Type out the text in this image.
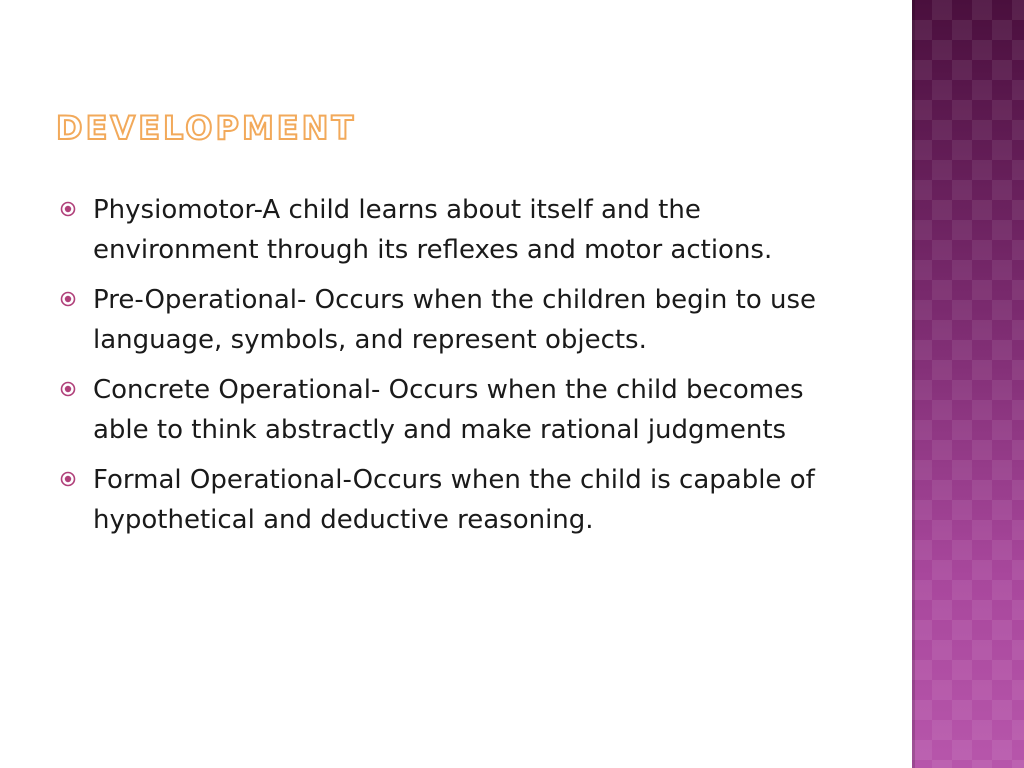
development
Physiomotor-A child learns about itself and the environment through its reflexes and motor actions.
Pre-Operational- Occurs when the children begin to use language, symbols, and represent objects.
Concrete Operational- Occurs when the child becomes able to think abstractly and make rational judgments
Formal Operational-Occurs when the child is capable of hypothetical and deductive reasoning.
